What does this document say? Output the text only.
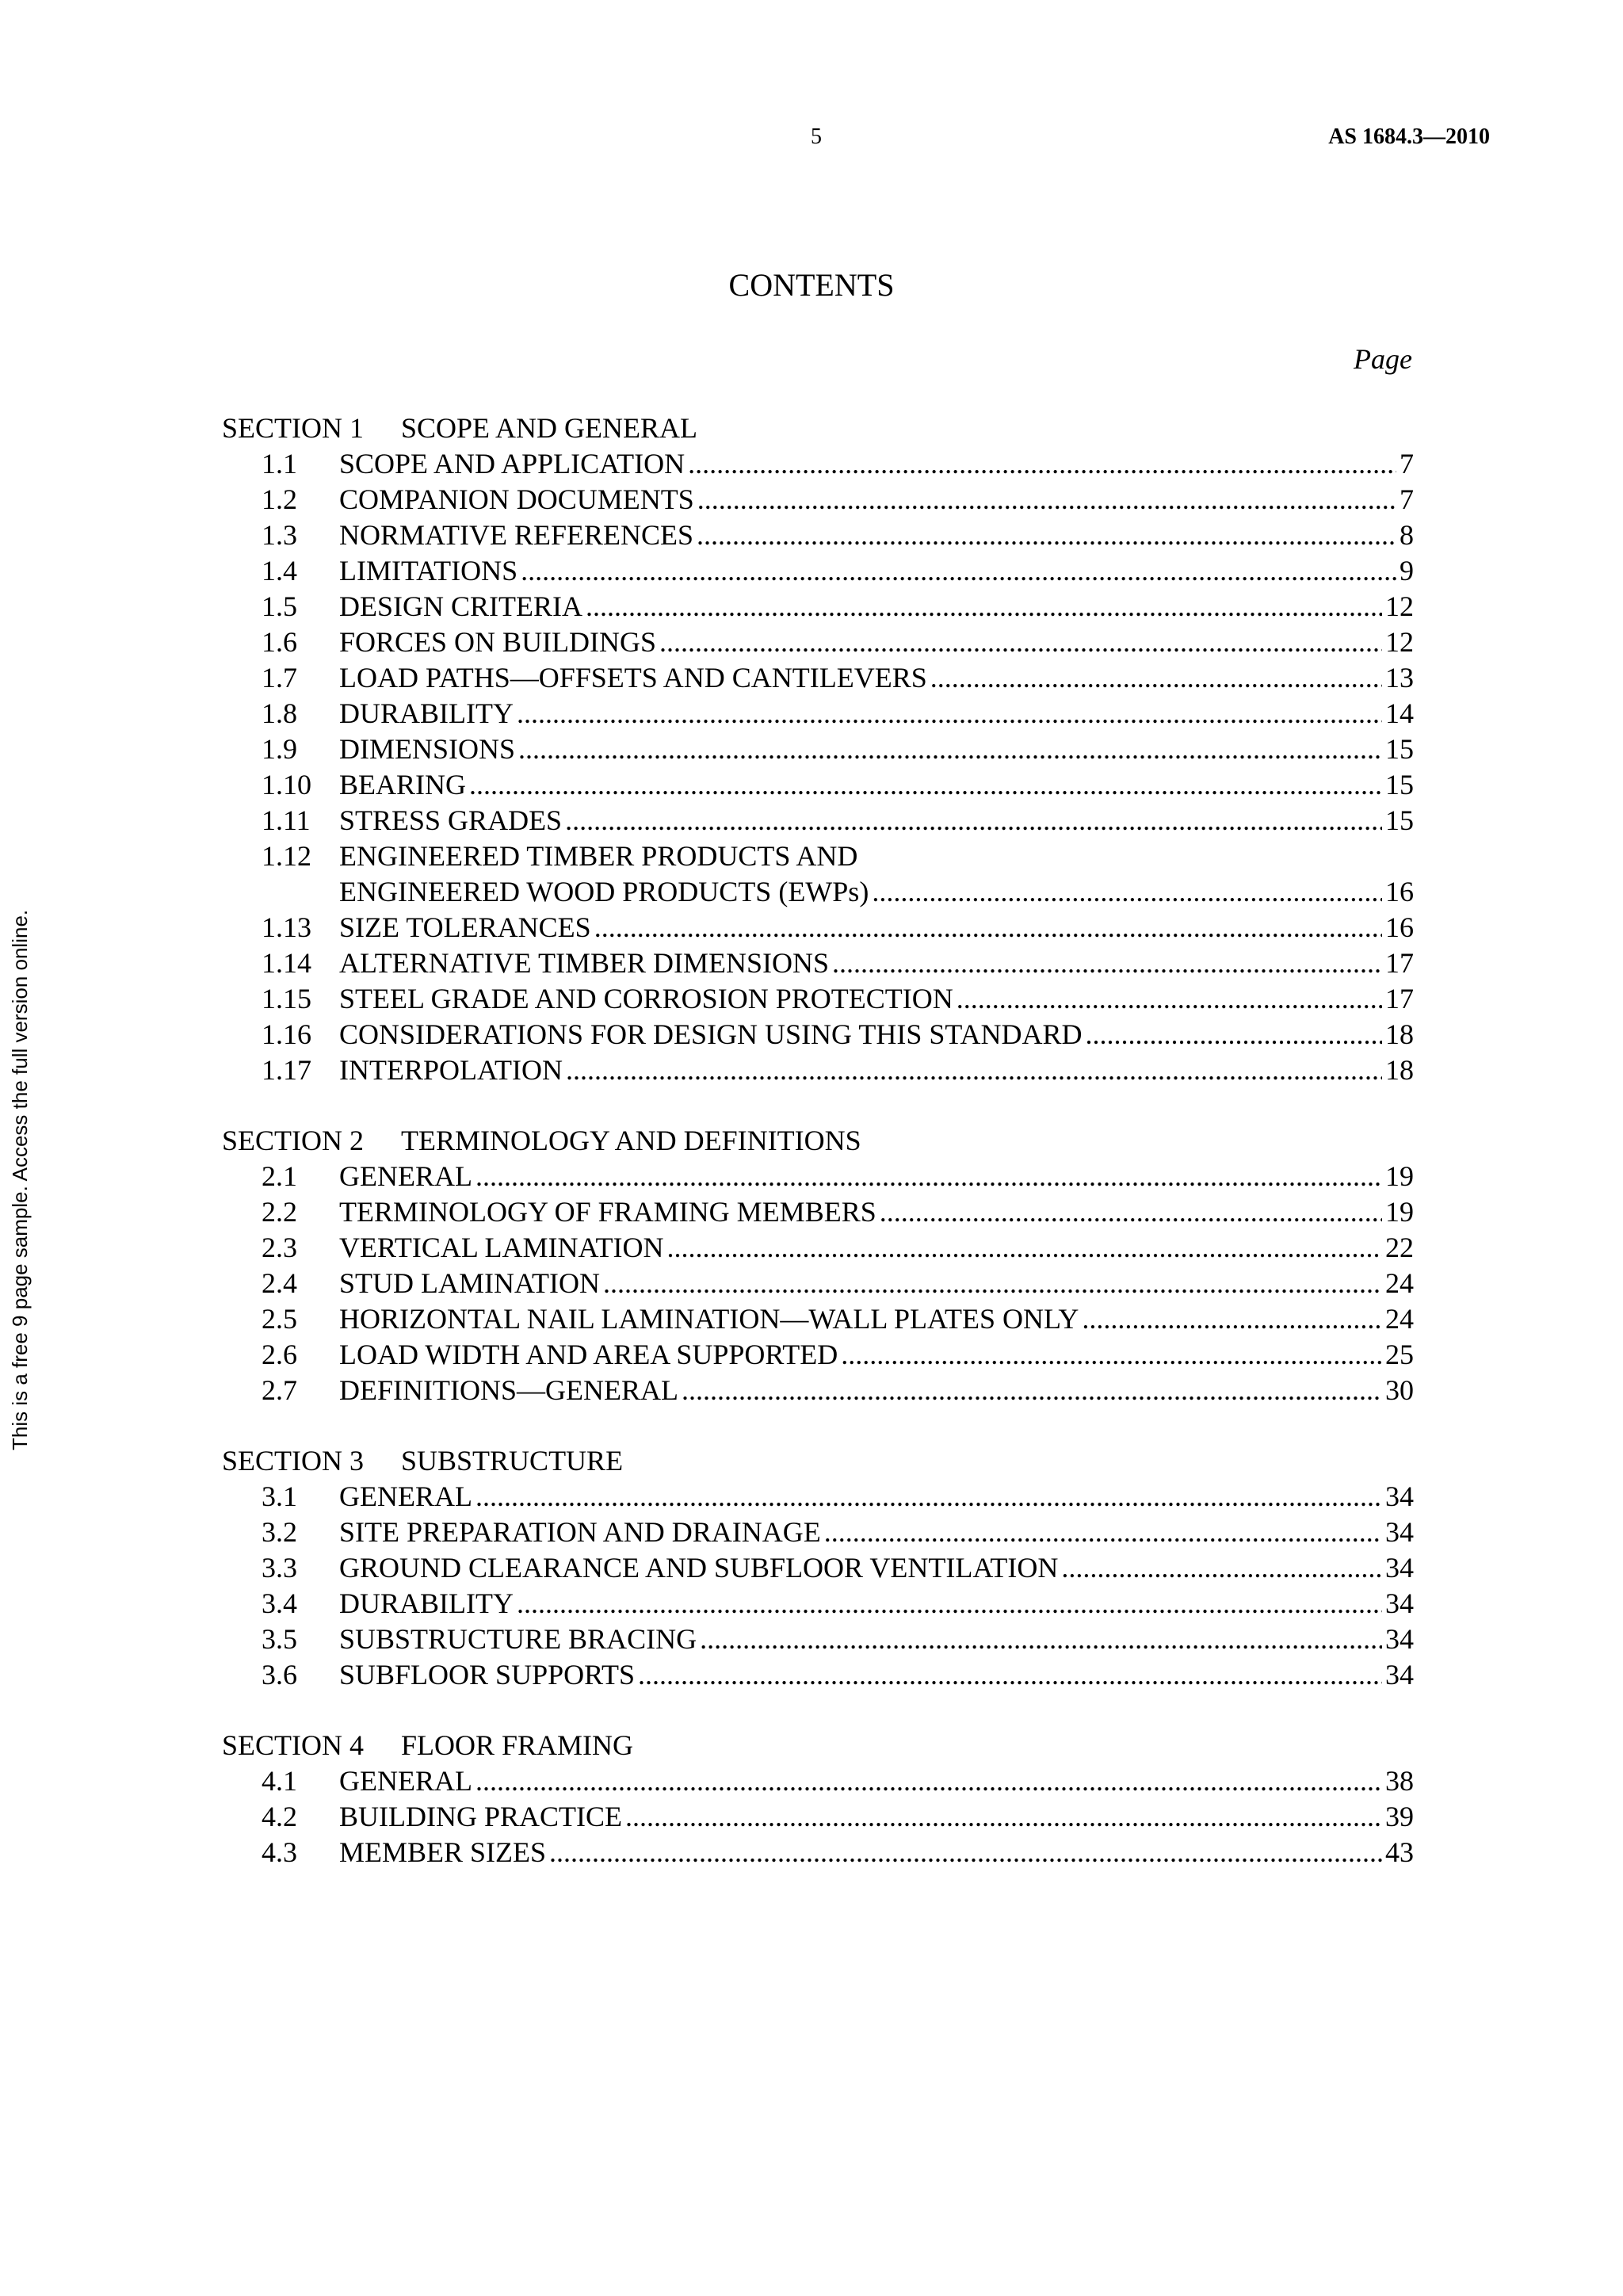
5	AS 1684.3—2010
This is a free 9 page sample. Access the full version online.
CONTENTS
Page
SECTION 1 SCOPE AND GENERAL
1.1	SCOPE AND APPLICATION .....	7
1.2	COMPANION DOCUMENTS .....	7
1.3	NORMATIVE REFERENCES .....	8
1.4	LIMITATIONS .....	9
1.5	DESIGN CRITERIA .....	12
1.6	FORCES ON BUILDINGS .....	12
1.7	LOAD PATHS—OFFSETS AND CANTILEVERS .....	13
1.8	DURABILITY .....	14
1.9	DIMENSIONS .....	15
1.10 BEARING .....	15
1.11	STRESS GRADES .....	15
1.12 ENGINEERED TIMBER PRODUCTS AND
ENGINEERED WOOD PRODUCTS (EWPs) .....	16
1.13 SIZE TOLERANCES .....	16
1.14 ALTERNATIVE TIMBER DIMENSIONS .....	17
1.15 STEEL GRADE AND CORROSION PROTECTION .....	17
1.16 CONSIDERATIONS FOR DESIGN USING THIS STANDARD .....	18
1.17 INTERPOLATION .....	18
SECTION 2 TERMINOLOGY AND DEFINITIONS
2.1	GENERAL .....	19
2.2	TERMINOLOGY OF FRAMING MEMBERS .....	19
2.3	VERTICAL LAMINATION .....	22
2.4	STUD LAMINATION .....	24
2.5	HORIZONTAL NAIL LAMINATION—WALL PLATES ONLY .....	24
2.6	LOAD WIDTH AND AREA SUPPORTED .....	25
2.7	DEFINITIONS—GENERAL .....	30
SECTION 3 SUBSTRUCTURE
3.1	GENERAL .....	34
3.2	SITE PREPARATION AND DRAINAGE .....	34
3.3	GROUND CLEARANCE AND SUBFLOOR VENTILATION .....	34
3.4	DURABILITY .....	34
3.5	SUBSTRUCTURE BRACING .....	34
3.6	SUBFLOOR SUPPORTS .....	34
SECTION 4 FLOOR FRAMING
4.1	GENERAL .....	38
4.2	BUILDING PRACTICE .....	39
4.3	MEMBER SIZES .....	43
